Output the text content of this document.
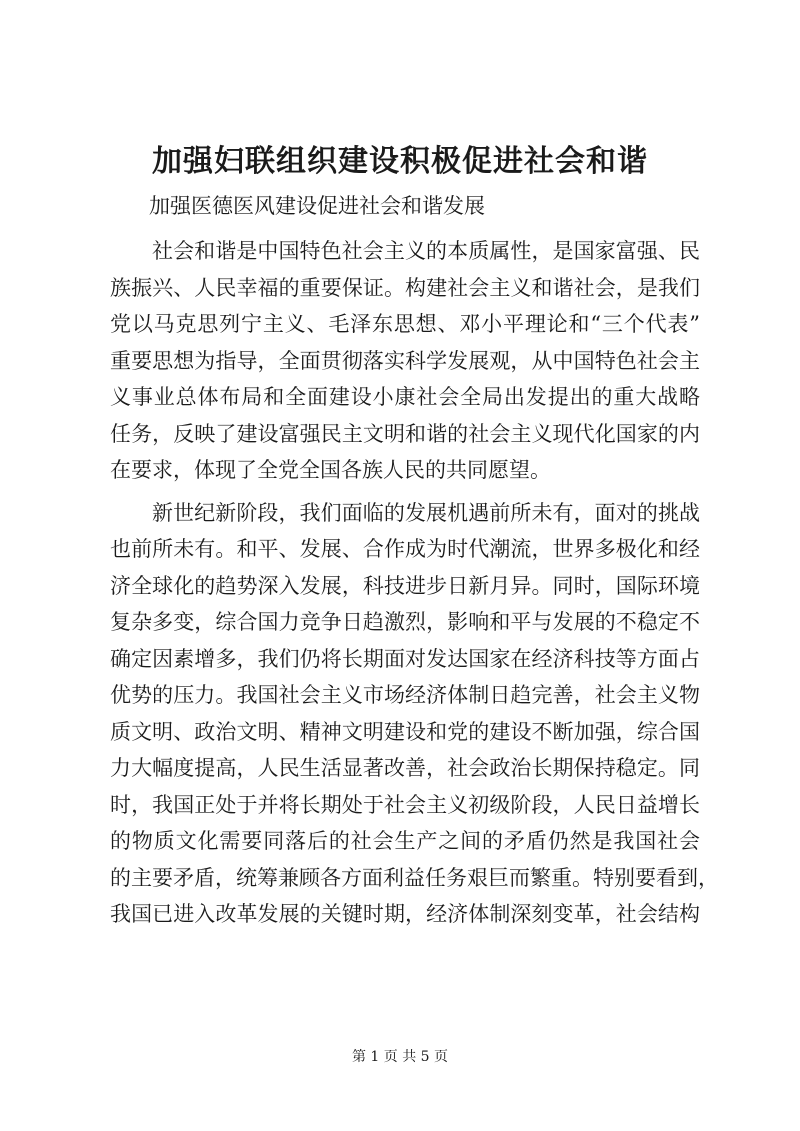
加强妇联组织建设积极促进社会和谐
加强医德医风建设促进社会和谐发展
社会和谐是中国特色社会主义的本质属性，是国家富强、民
族振兴、人民幸福的重要保证。构建社会主义和谐社会，是我们
党以马克思列宁主义、毛泽东思想、邓小平理论和“三个代表”
重要思想为指导，全面贯彻落实科学发展观，从中国特色社会主
义事业总体布局和全面建设小康社会全局出发提出的重大战略
任务，反映了建设富强民主文明和谐的社会主义现代化国家的内
在要求，体现了全党全国各族人民的共同愿望。
新世纪新阶段，我们面临的发展机遇前所未有，面对的挑战
也前所未有。和平、发展、合作成为时代潮流，世界多极化和经
济全球化的趋势深入发展，科技进步日新月异。同时，国际环境
复杂多变，综合国力竞争日趋激烈，影响和平与发展的不稳定不
确定因素增多，我们仍将长期面对发达国家在经济科技等方面占
优势的压力。我国社会主义市场经济体制日趋完善，社会主义物
质文明、政治文明、精神文明建设和党的建设不断加强，综合国
力大幅度提高，人民生活显著改善，社会政治长期保持稳定。同
时，我国正处于并将长期处于社会主义初级阶段，人民日益增长
的物质文化需要同落后的社会生产之间的矛盾仍然是我国社会
的主要矛盾，统筹兼顾各方面利益任务艰巨而繁重。特别要看到，
我国已进入改革发展的关键时期，经济体制深刻变革，社会结构
第 1 页 共 5 页
